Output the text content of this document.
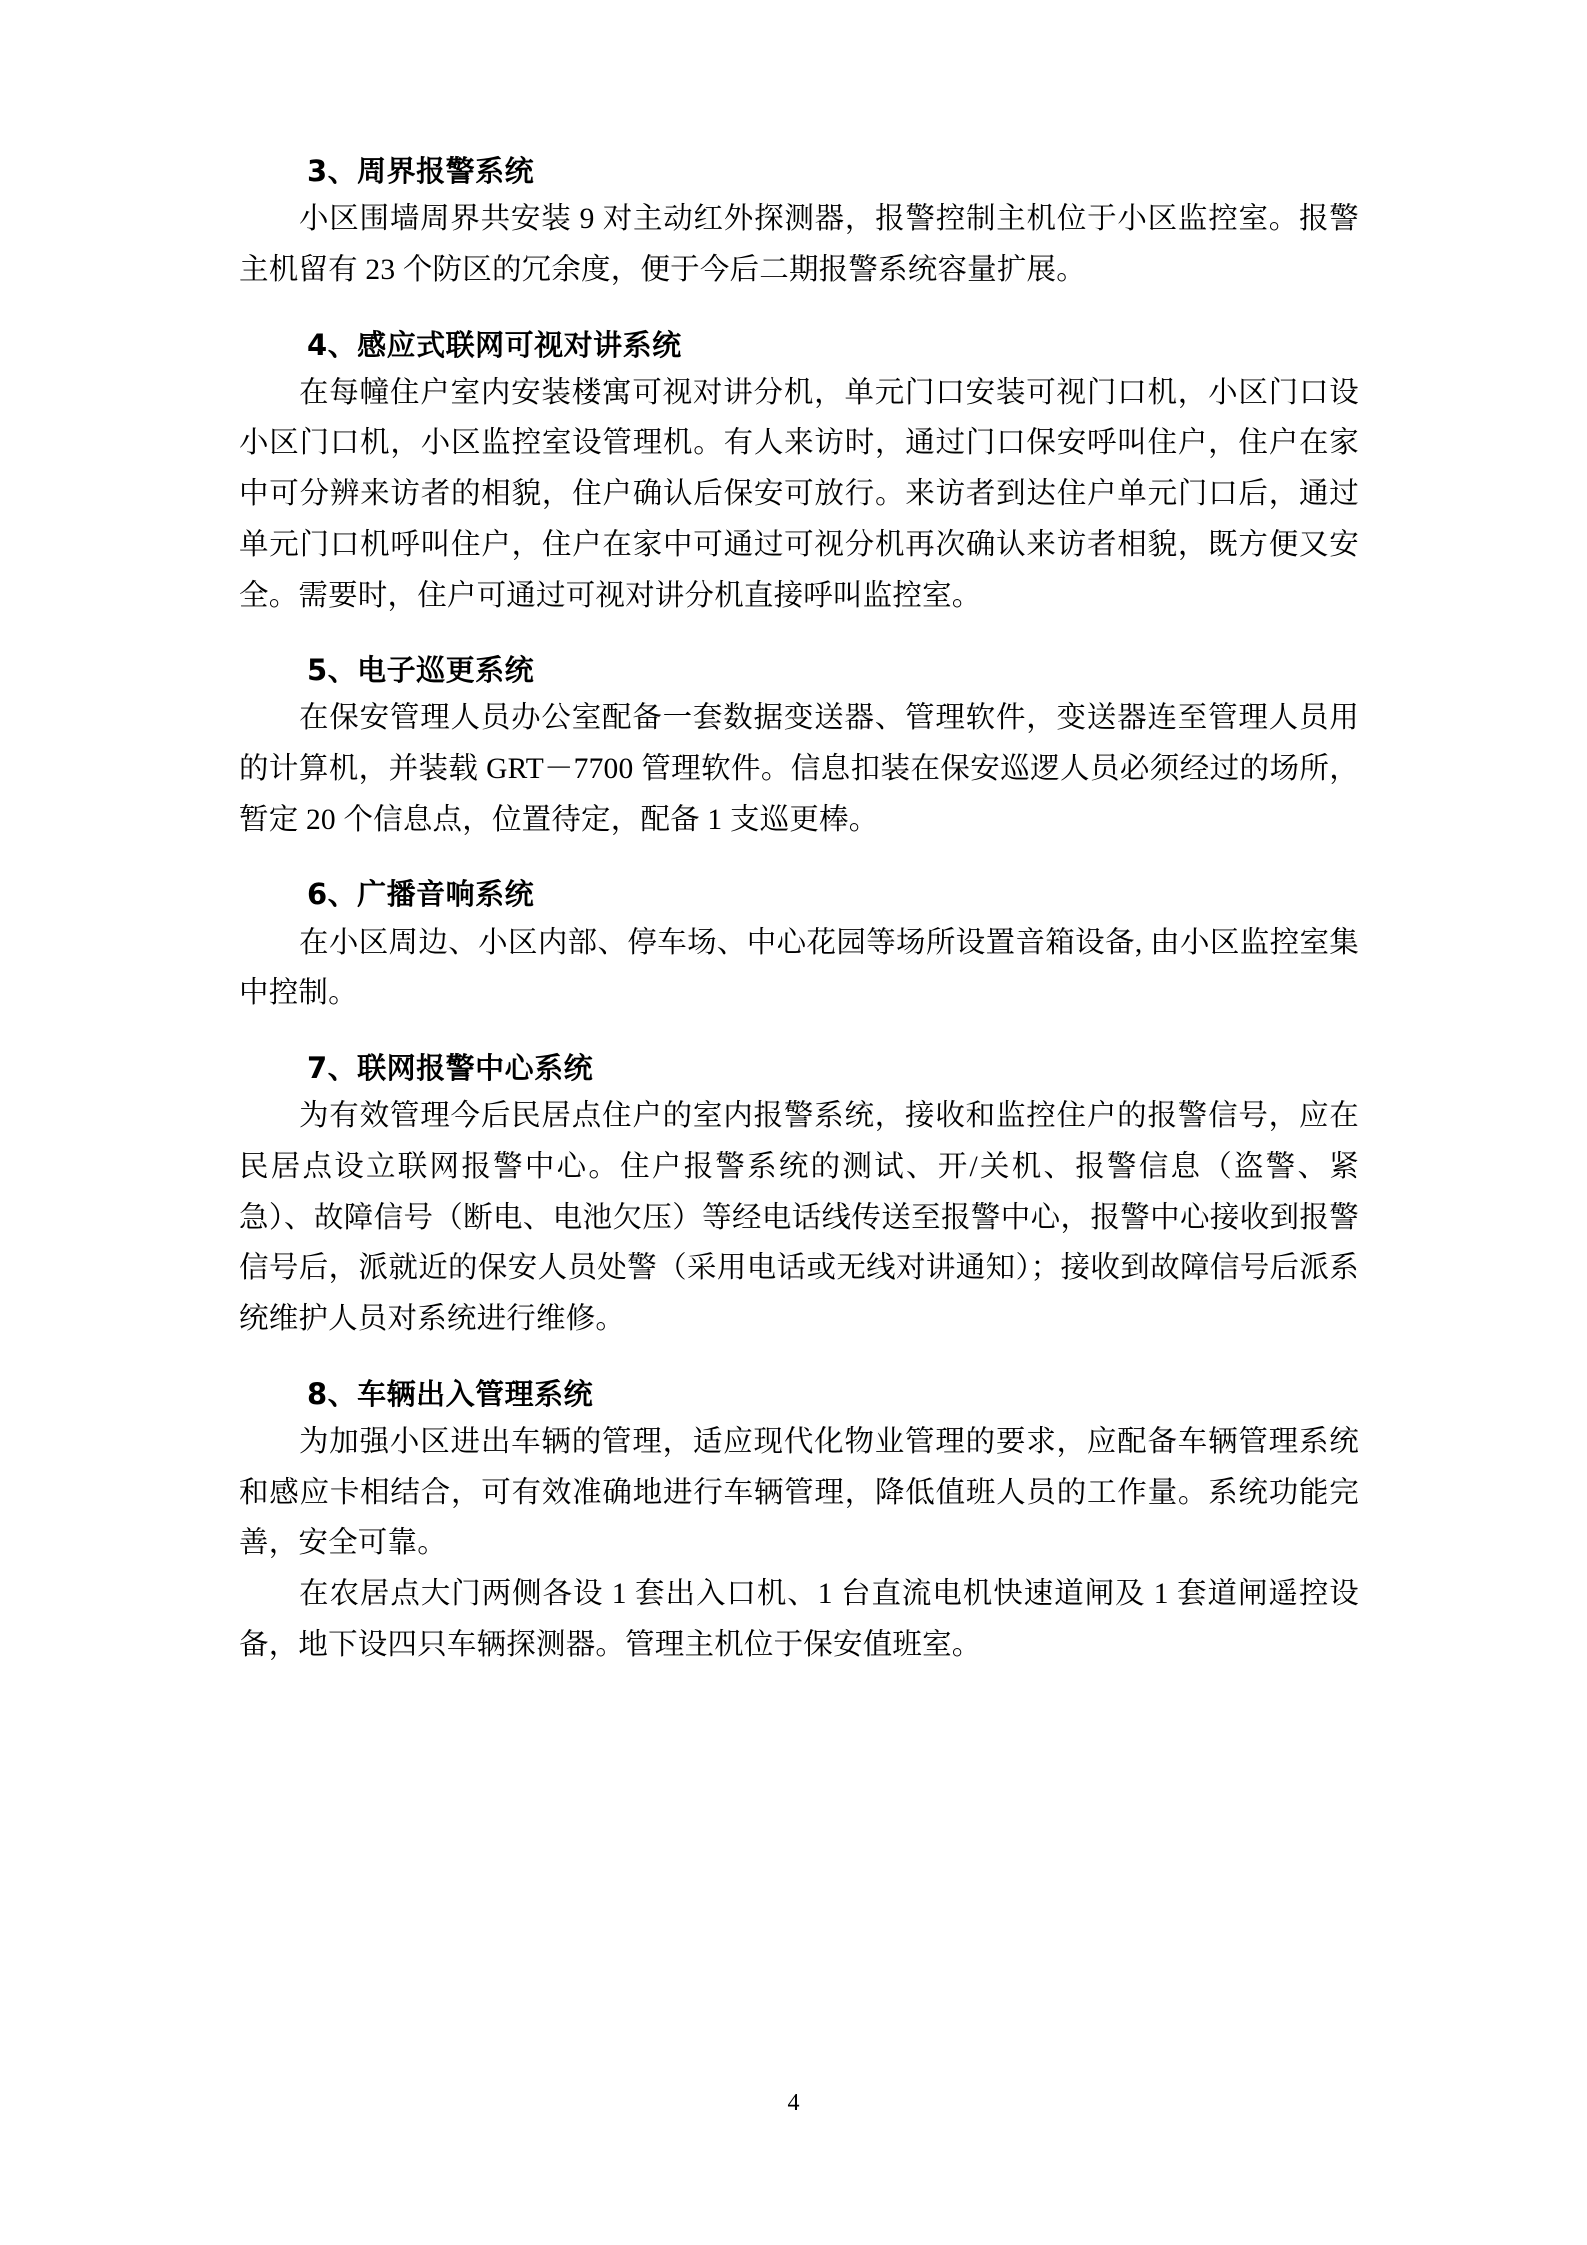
3、周界报警系统

小区围墙周界共安装 9 对主动红外探测器，报警控制主机位于小区监控室。报警主机留有 23 个防区的冗余度，便于今后二期报警系统容量扩展。

4、感应式联网可视对讲系统

在每幢住户室内安装楼寓可视对讲分机，单元门口安装可视门口机，小区门口设小区门口机，小区监控室设管理机。有人来访时，通过门口保安呼叫住户，住户在家中可分辨来访者的相貌，住户确认后保安可放行。来访者到达住户单元门口后，通过单元门口机呼叫住户，住户在家中可通过可视分机再次确认来访者相貌，既方便又安全。需要时，住户可通过可视对讲分机直接呼叫监控室。

5、电子巡更系统

在保安管理人员办公室配备一套数据变送器、管理软件，变送器连至管理人员用的计算机，并装载 GRT－7700 管理软件。信息扣装在保安巡逻人员必须经过的场所，暂定 20 个信息点，位置待定，配备 1 支巡更棒。

6、广播音响系统

在小区周边、小区内部、停车场、中心花园等场所设置音箱设备, 由小区监控室集中控制。

7、联网报警中心系统

为有效管理今后民居点住户的室内报警系统，接收和监控住户的报警信号，应在民居点设立联网报警中心。住户报警系统的测试、开/关机、报警信息（盗警、紧急）、故障信号（断电、电池欠压）等经电话线传送至报警中心，报警中心接收到报警信号后，派就近的保安人员处警（采用电话或无线对讲通知）；接收到故障信号后派系统维护人员对系统进行维修。

8、车辆出入管理系统

为加强小区进出车辆的管理，适应现代化物业管理的要求，应配备车辆管理系统和感应卡相结合，可有效准确地进行车辆管理，降低值班人员的工作量。系统功能完善，安全可靠。

在农居点大门两侧各设 1 套出入口机、1 台直流电机快速道闸及 1 套道闸遥控设备，地下设四只车辆探测器。管理主机位于保安值班室。

4
